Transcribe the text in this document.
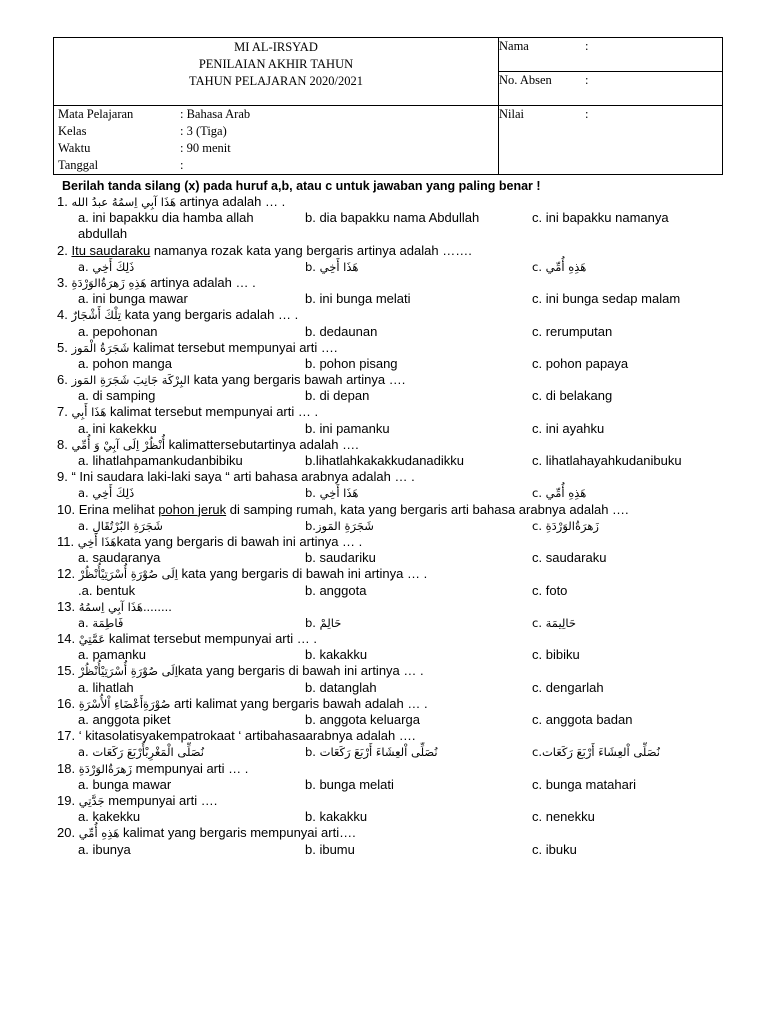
MI AL-IRSYAD
PENILAIAN AKHIR TAHUN
TAHUN PELAJARAN 2020/2021	Nama :
	No. Absen :

Mata Pelajaran : Bahasa Arab
Kelas : 3 (Tiga)
Waktu : 90 menit
Tanggal :	Nilai :
Berilah tanda silang (x) pada huruf a,b, atau c untuk jawaban yang paling benar !
1. هَذَا آبِي اِسمُهُ عبدُ الله artinya adalah … .
a. ini bapakku dia hamba allah	b. dia bapakku nama Abdullah	c. ini bapakku namanya
abdullah
2. Itu saudaraku namanya rozak kata yang bergaris artinya adalah …….
a. ذَلِكَ أَخِي	b. هَذَا أَخِي	c. هَذِهِ أُمِّي
3. هَذِهِ زَهرَةُالوَرْدَةِ artinya adalah … .
a. ini bunga mawar	b. ini bunga melati	c. ini bunga sedap malam
4. تِلْكَ أَشْجَارٌ kata yang bergaris adalah … .
a. pepohonan	b. dedaunan	c. rerumputan
5. شَجَرَةُ الْمَوز kalimat tersebut mempunyai arti ….
a. pohon manga	b. pohon pisang	c. pohon papaya
6. البِرْكَة جَانِبَ شَجَرَةِ المَوز kata yang bergaris bawah artinya ….
a. di samping	b. di depan	c. di belakang
7. هَذَا أَبِي kalimat tersebut mempunyai arti … .
a. ini kakekku	b. ini pamanku	c. ini ayahku
8. أُنْظُرْ اِلَى آبِيْ وَ أُمِّي kalimattersebutartinya adalah ….
a. lihatlahpamankudanbibiku	b.lihatlahkakakkudanadikku	c. lihatlahayahkudanibuku
9. “ Ini saudara laki-laki saya “ arti bahasa arabnya adalah … .
a. ذَلِكَ أَخِي	b. هَذَا أَخِي	c. هَذِهِ أُمِّي
10. Erina melihat pohon jeruk di samping rumah, kata yang bergaris arti bahasa arabnya adalah ….
a. شَجَرَةِ البُرْتُقَالِ	b.شَجَرَةِ المَوز	c. زَهرَةُالوَرْدَةِ
11. هَذَا أَخِيkata yang bergaris di bawah ini artinya … .
a. saudaranya	b. saudariku	c. saudaraku
12. اِلَى صُوْرَةِ أُسْرَتِيْأُنْظُرْ kata yang bergaris di bawah ini artinya … .
.a. bentuk	b. anggota	c. foto
13. هَذَا آبِي اِسمُهُ........
a. فَاطِمَة	b. حَالِمْ	c. حَالِيمَة
14. عَمَّتِيْ kalimat tersebut mempunyai arti … .
a. pamanku	b. kakakku	c. bibiku
15. اِلَى صُوْرَةِ أُسْرَتِيْأُنْظُرْkata yang bergaris di bawah ini artinya … .
a. lihatlah	b. datanglah	c. dengarlah
16. صُوْرَةِأَعْضَاءِ اْلأُسْرَةِ arti kalimat yang bergaris bawah adalah … .
a. anggota piket	b. anggota keluarga	c. anggota badan
17. ‘ kitasolatisyakempatrokaat ‘ artibahasaarabnya adalah ….
a. نُصَلِّى الْمَغْرِبْأَرْبَعَ رَكَعَات	b. نُصَلِّى اْلعِشَاءَ أَرْبَعَ رَكَعَات	c.نُصَلِّى اْلعِشَاءَ أَرْبَعَ رَكَعَات
18. زَهرَةُالوَرْدَةِ mempunyai arti … .
a. bunga mawar	b. bunga melati	c. bunga matahari
19. جَدَّتِي mempunyai arti ….
a. kakekku	b. kakakku	c. nenekku
20. هَذِهِ أُمِّي kalimat yang bergaris mempunyai arti….
a. ibunya	b. ibumu	c. ibuku
